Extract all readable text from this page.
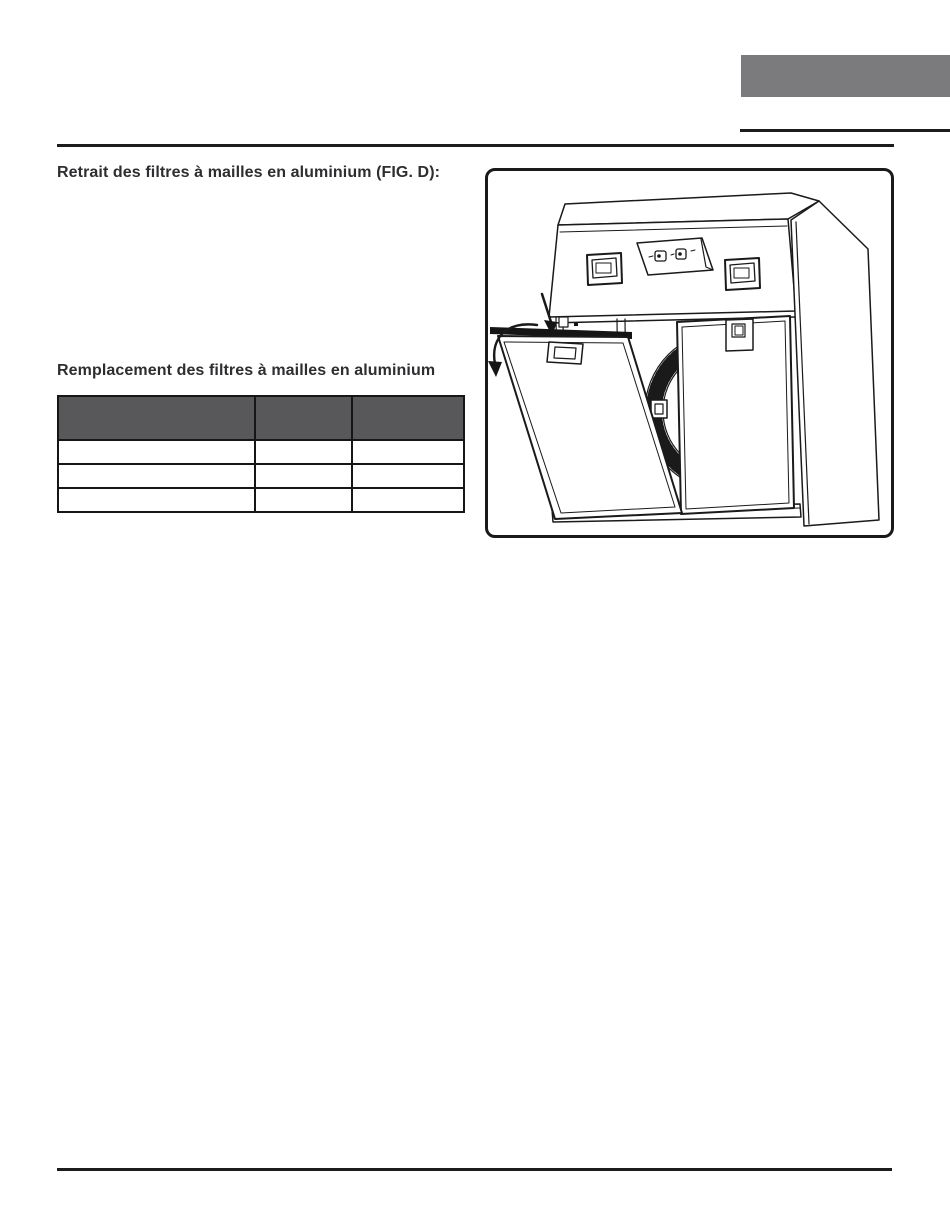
Retrait des filtres à mailles en aluminium (FIG. D):
Remplacement des filtres à mailles en aluminium
